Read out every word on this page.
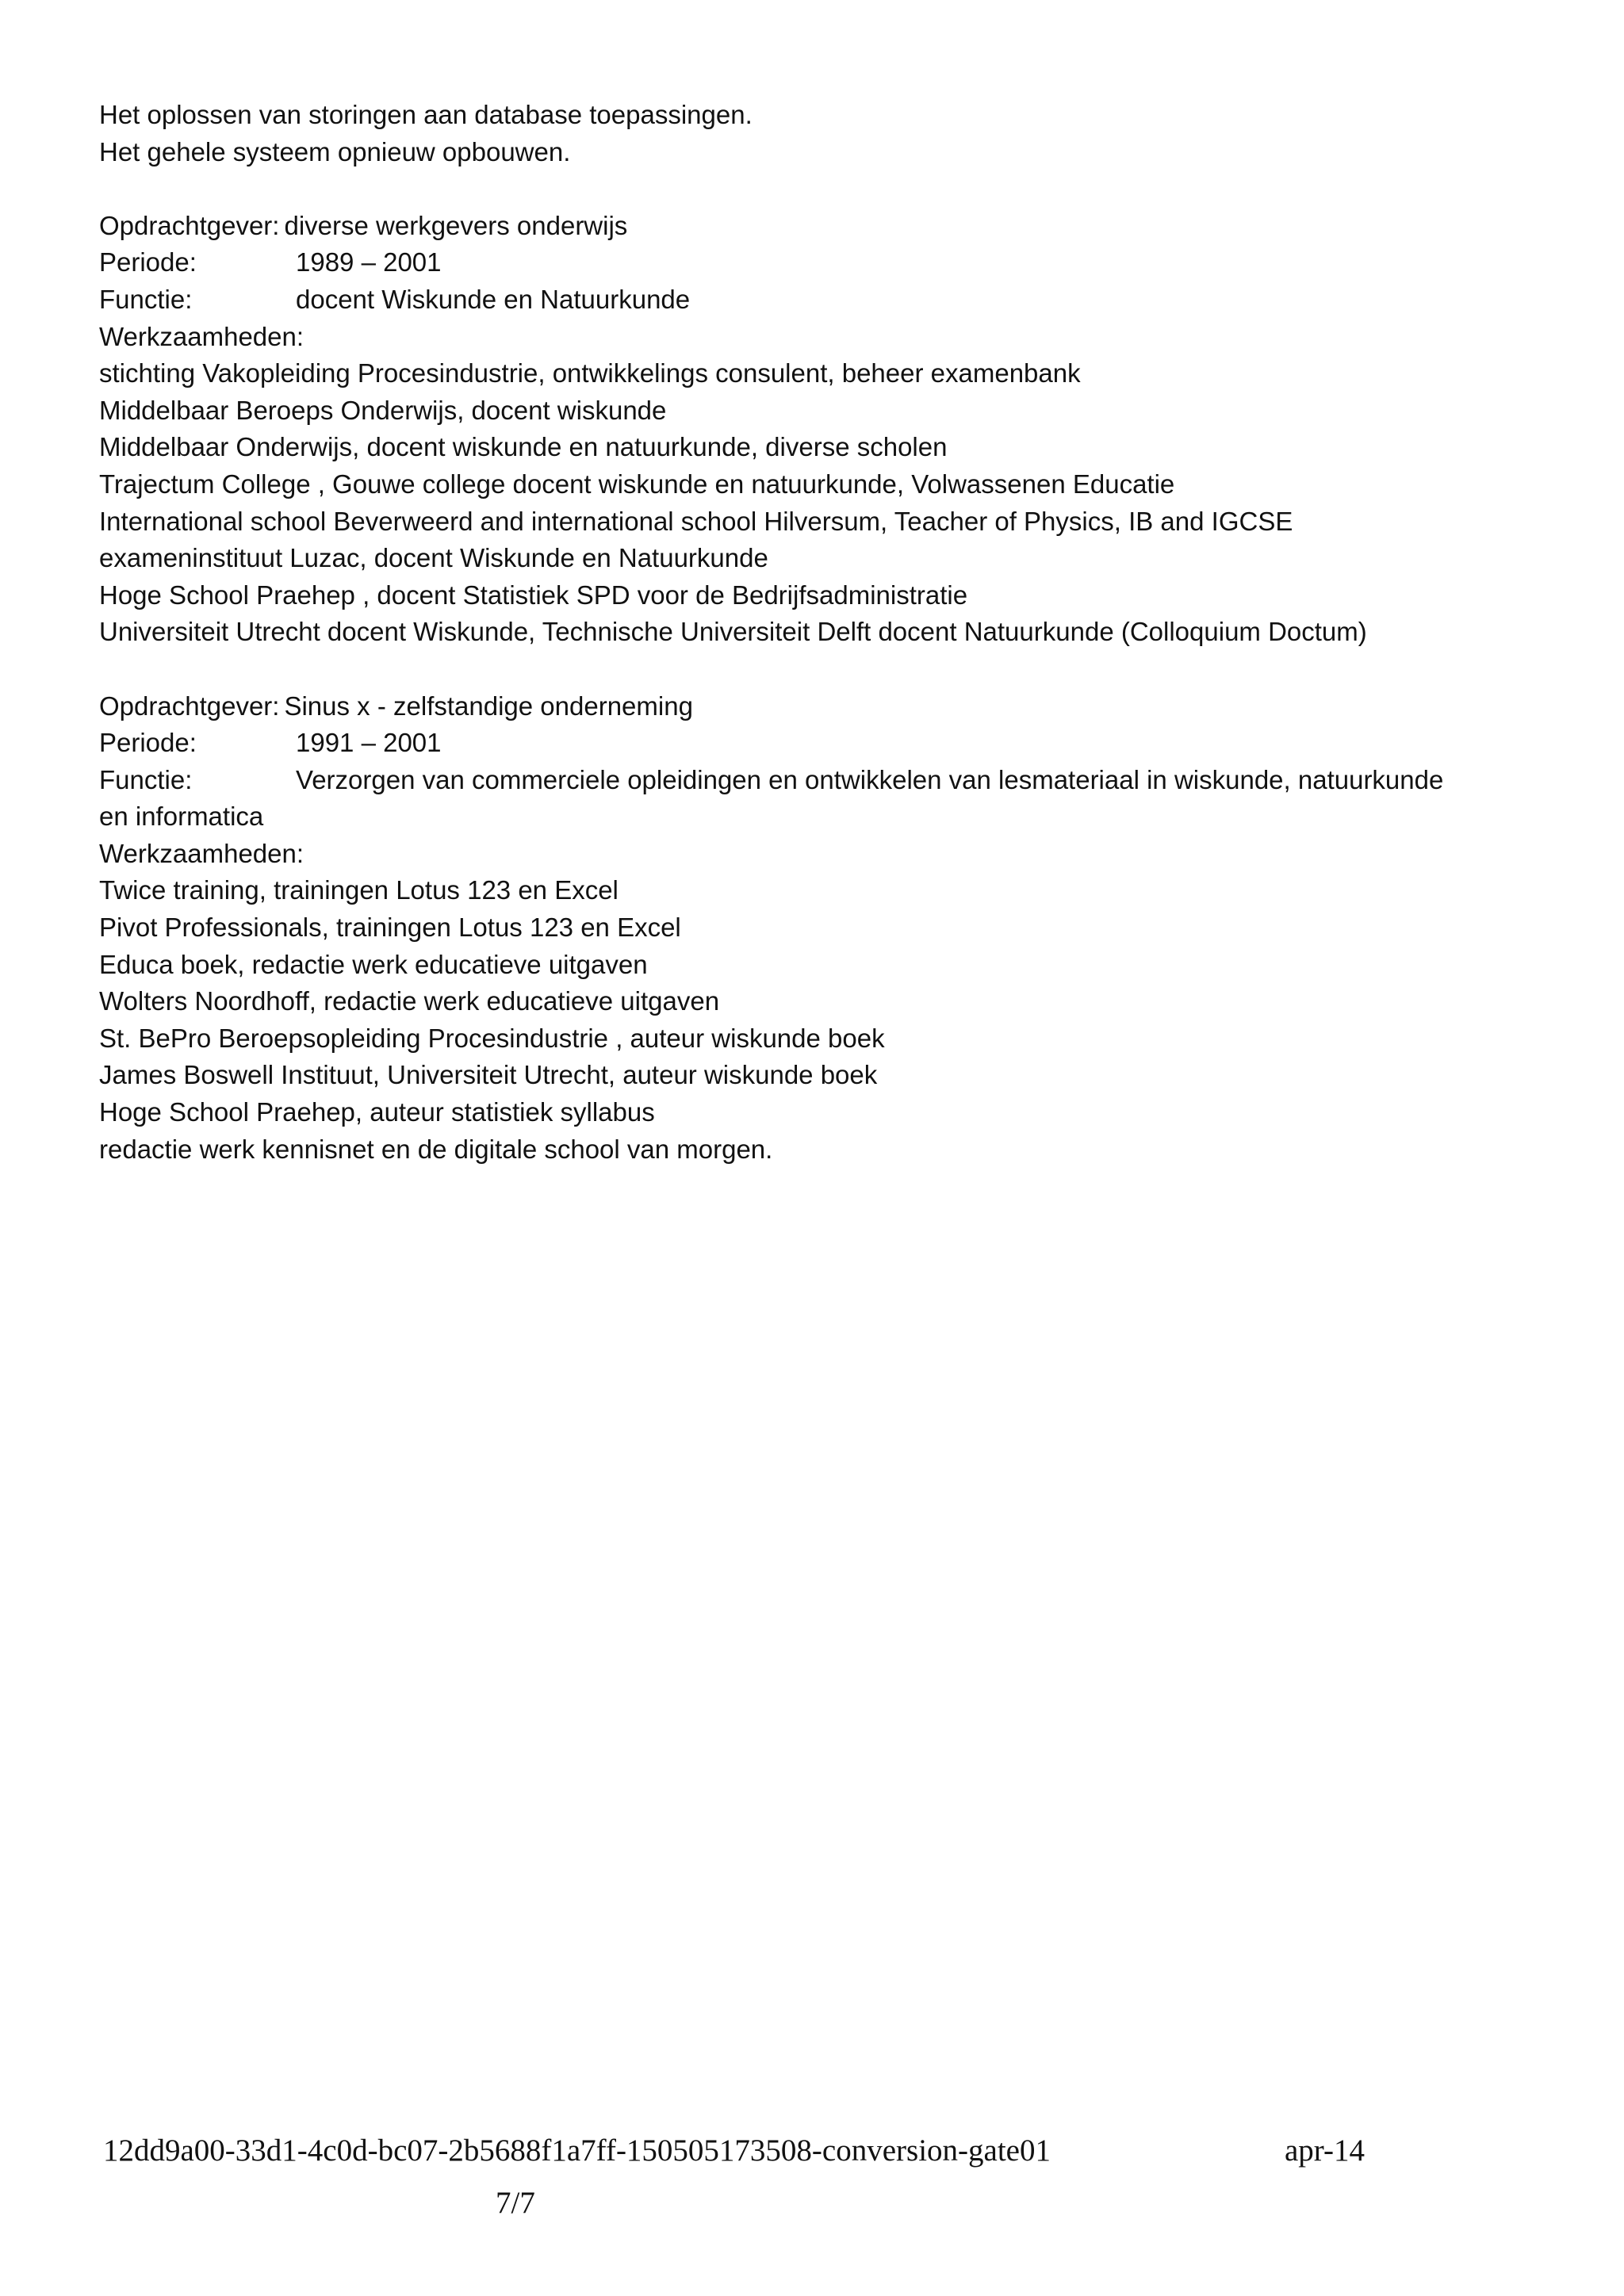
Het oplossen van storingen aan database toepassingen.
Het gehele systeem opnieuw opbouwen.
Opdrachtgever: diverse werkgevers onderwijs
Periode:	1989 – 2001
Functie:	docent Wiskunde en Natuurkunde
Werkzaamheden:
stichting Vakopleiding Procesindustrie, ontwikkelings consulent, beheer examenbank
Middelbaar Beroeps Onderwijs, docent wiskunde
Middelbaar Onderwijs, docent wiskunde en natuurkunde, diverse scholen
Trajectum College , Gouwe college docent wiskunde en natuurkunde, Volwassenen Educatie
International school Beverweerd and international school Hilversum, Teacher of Physics, IB and IGCSE
exameninstituut Luzac, docent Wiskunde en Natuurkunde
Hoge School Praehep , docent Statistiek SPD voor de Bedrijfsadministratie
Universiteit Utrecht docent Wiskunde, Technische Universiteit Delft docent Natuurkunde (Colloquium Doctum)
Opdrachtgever: Sinus x - zelfstandige onderneming
Periode:	1991 – 2001
Functie:	Verzorgen van commerciele opleidingen en ontwikkelen van lesmateriaal in wiskunde, natuurkunde
en informatica
Werkzaamheden:
Twice training, trainingen Lotus 123 en Excel
Pivot Professionals, trainingen Lotus 123 en Excel
Educa boek, redactie werk educatieve uitgaven
Wolters Noordhoff, redactie werk educatieve uitgaven
St. BePro Beroepsopleiding Procesindustrie , auteur wiskunde boek
James Boswell Instituut, Universiteit Utrecht, auteur wiskunde boek
Hoge School Praehep, auteur statistiek syllabus
redactie werk kennisnet en de digitale school van morgen.
12dd9a00-33d1-4c0d-bc07-2b5688f1a7ff-150505173508-conversion-gate01	apr-14
7/7
